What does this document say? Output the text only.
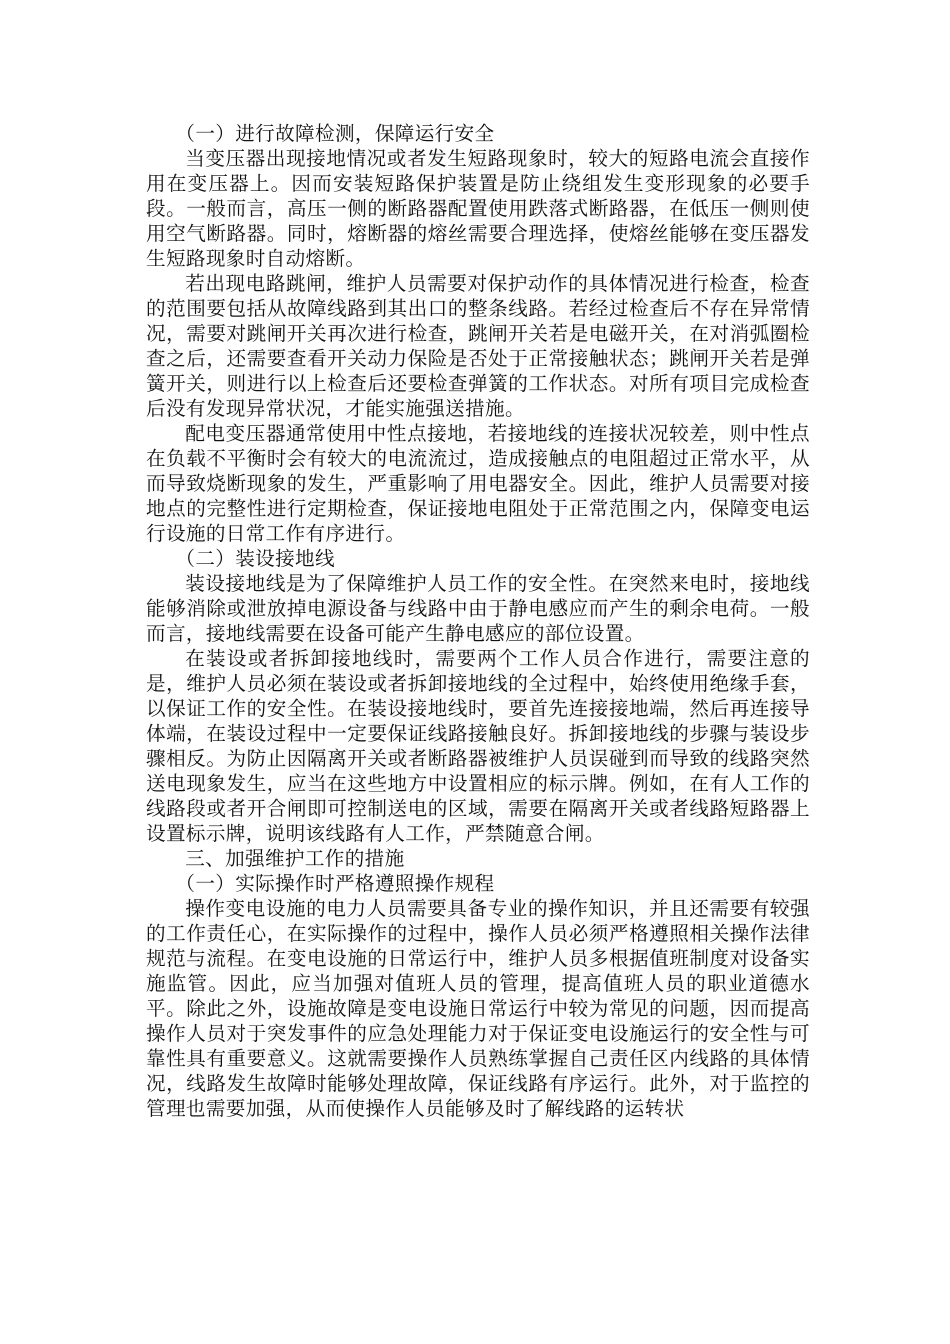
（一）进行故障检测，保障运行安全

当变压器出现接地情况或者发生短路现象时，较大的短路电流会直接作用在变压器上。因而安装短路保护装置是防止绕组发生变形现象的必要手段。一般而言，高压一侧的断路器配置使用跌落式断路器，在低压一侧则使用空气断路器。同时，熔断器的熔丝需要合理选择，使熔丝能够在变压器发生短路现象时自动熔断。

若出现电路跳闸，维护人员需要对保护动作的具体情况进行检查，检查的范围要包括从故障线路到其出口的整条线路。若经过检查后不存在异常情况，需要对跳闸开关再次进行检查，跳闸开关若是电磁开关，在对消弧圈检查之后，还需要查看开关动力保险是否处于正常接触状态；跳闸开关若是弹簧开关，则进行以上检查后还要检查弹簧的工作状态。对所有项目完成检查后没有发现异常状况，才能实施强送措施。

配电变压器通常使用中性点接地，若接地线的连接状况较差，则中性点在负载不平衡时会有较大的电流流过，造成接触点的电阻超过正常水平，从而导致烧断现象的发生，严重影响了用电器安全。因此，维护人员需要对接地点的完整性进行定期检查，保证接地电阻处于正常范围之内，保障变电运行设施的日常工作有序进行。

（二）装设接地线

装设接地线是为了保障维护人员工作的安全性。在突然来电时，接地线能够消除或泄放掉电源设备与线路中由于静电感应而产生的剩余电荷。一般而言，接地线需要在设备可能产生静电感应的部位设置。

在装设或者拆卸接地线时，需要两个工作人员合作进行，需要注意的是，维护人员必须在装设或者拆卸接地线的全过程中，始终使用绝缘手套，以保证工作的安全性。在装设接地线时，要首先连接接地端，然后再连接导体端，在装设过程中一定要保证线路接触良好。拆卸接地线的步骤与装设步骤相反。为防止因隔离开关或者断路器被维护人员误碰到而导致的线路突然送电现象发生，应当在这些地方中设置相应的标示牌。例如，在有人工作的线路段或者开合闸即可控制送电的区域，需要在隔离开关或者线路短路器上设置标示牌，说明该线路有人工作，严禁随意合闸。

三、加强维护工作的措施

（一）实际操作时严格遵照操作规程

操作变电设施的电力人员需要具备专业的操作知识，并且还需要有较强的工作责任心，在实际操作的过程中，操作人员必须严格遵照相关操作法律规范与流程。在变电设施的日常运行中，维护人员多根据值班制度对设备实施监管。因此，应当加强对值班人员的管理，提高值班人员的职业道德水平。除此之外，设施故障是变电设施日常运行中较为常见的问题，因而提高操作人员对于突发事件的应急处理能力对于保证变电设施运行的安全性与可靠性具有重要意义。这就需要操作人员熟练掌握自己责任区内线路的具体情况，线路发生故障时能够处理故障，保证线路有序运行。此外，对于监控的管理也需要加强，从而使操作人员能够及时了解线路的运转状
